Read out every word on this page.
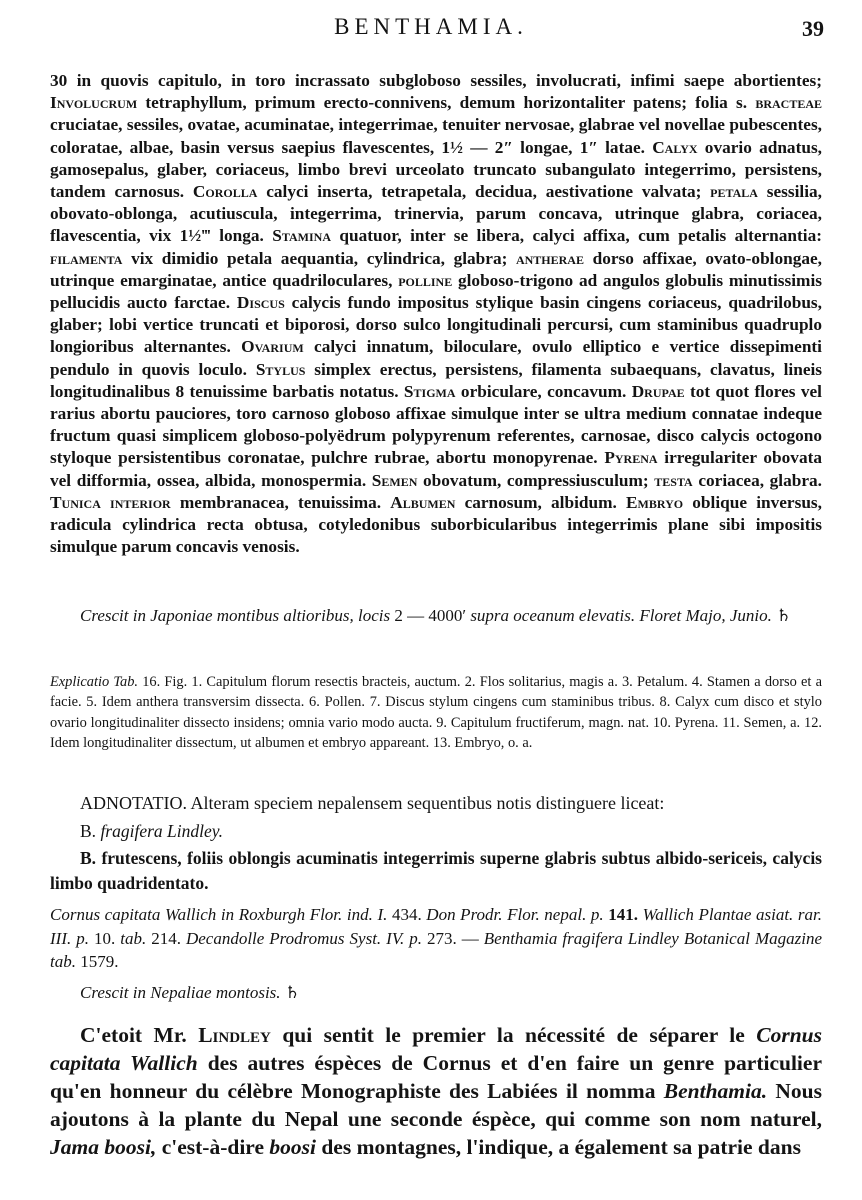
BENTHAMIA.	39

30 in quovis capitulo, in toro incrassato subgloboso sessiles, involucrati, infimi saepe abortientes; Involucrum tetraphyllum, primum erecto-connivens, demum horizontaliter patens; folia s. bracteae cruciatae, sessiles, ovatae, acuminatae, integerrimae, tenuiter nervosae, glabrae vel novellae pubescentes, coloratae, albae, basin versus saepius flavescentes, 1½ — 2″ longae, 1″ latae. Calyx ovario adnatus, gamosepalus, glaber, coriaceus, limbo brevi urceolato truncato subangulato integerrimo, persistens, tandem carnosus. Corolla calyci inserta, tetrapetala, decidua, aestivatione valvata; petala sessilia, obovato-oblonga, acutiuscula, integerrima, trinervia, parum concava, utrinque glabra, coriacea, flavescentia, vix 1½‴ longa. Stamina quatuor, inter se libera, calyci affixa, cum petalis alternantia: filamenta vix dimidio petala aequantia, cylindrica, glabra; antherae dorso affixae, ovato-oblongae, utrinque emarginatae, antice quadriloculares, polline globoso-trigono ad angulos globulis minutissimis pellucidis aucto farctae. Discus calycis fundo impositus stylique basin cingens coriaceus, quadrilobus, glaber; lobi vertice truncati et biporosi, dorso sulco longitudinali percursi, cum staminibus quadruplo longioribus alternantes. Ovarium calyci innatum, biloculare, ovulo elliptico e vertice dissepimenti pendulo in quovis loculo. Stylus simplex erectus, persistens, filamenta subaequans, clavatus, lineis longitudinalibus 8 tenuissime barbatis notatus. Stigma orbiculare, concavum. Drupae tot quot flores vel rarius abortu pauciores, toro carnoso globoso affixae simulque inter se ultra medium connatae indeque fructum quasi simplicem globoso-polyëdrum polypyrenum referentes, carnosae, disco calycis octogono styloque persistentibus coronatae, pulchre rubrae, abortu monopyrenae. Pyrena irregulariter obovata vel difformia, ossea, albida, monospermia. Semen obovatum, compressiusculum; testa coriacea, glabra. Tunica interior membranacea, tenuissima. Albumen carnosum, albidum. Embryo oblique inversus, radicula cylindrica recta obtusa, cotyledonibus suborbicularibus integerrimis plane sibi impositis simulque parum concavis venosis.

Crescit in Japoniae montibus altioribus, locis 2 — 4000′ supra oceanum elevatis. Floret Majo, Junio. ♄

Explicatio Tab. 16. Fig. 1. Capitulum florum resectis bracteis, auctum. 2. Flos solitarius, magis a. 3. Petalum. 4. Stamen a dorso et a facie. 5. Idem anthera transversim dissecta. 6. Pollen. 7. Discus stylum cingens cum staminibus tribus. 8. Calyx cum disco et stylo ovario longitudinaliter dissecto insidens; omnia vario modo aucta. 9. Capitulum fructiferum, magn. nat. 10. Pyrena. 11. Semen, a. 12. Idem longitudinaliter dissectum, ut albumen et embryo appareant. 13. Embryo, o. a.

ADNOTATIO. Alteram speciem nepalensem sequentibus notis distinguere liceat:

B. fragifera Lindley.

B. frutescens, foliis oblongis acuminatis integerrimis superne glabris subtus albido-sericeis, calycis limbo quadridentato.

Cornus capitata Wallich in Roxburgh Flor. ind. I. 434. Don Prodr. Flor. nepal. p. 141. Wallich Plantae asiat. rar. III. p. 10. tab. 214. Decandolle Prodromus Syst. IV. p. 273. — Benthamia fragifera Lindley Botanical Magazine tab. 1579.

Crescit in Nepaliae montosis. ♄

C'etoit Mr. Lindley qui sentit le premier la nécessité de séparer le Cornus capitata Wallich des autres éspèces de Cornus et d'en faire un genre particulier qu'en honneur du célèbre Monographiste des Labiées il nomma Benthamia. Nous ajoutons à la plante du Nepal une seconde éspèce, qui comme son nom naturel, Jama boosi, c'est-à-dire boosi des montagnes, l'indique, a également sa patrie dans
